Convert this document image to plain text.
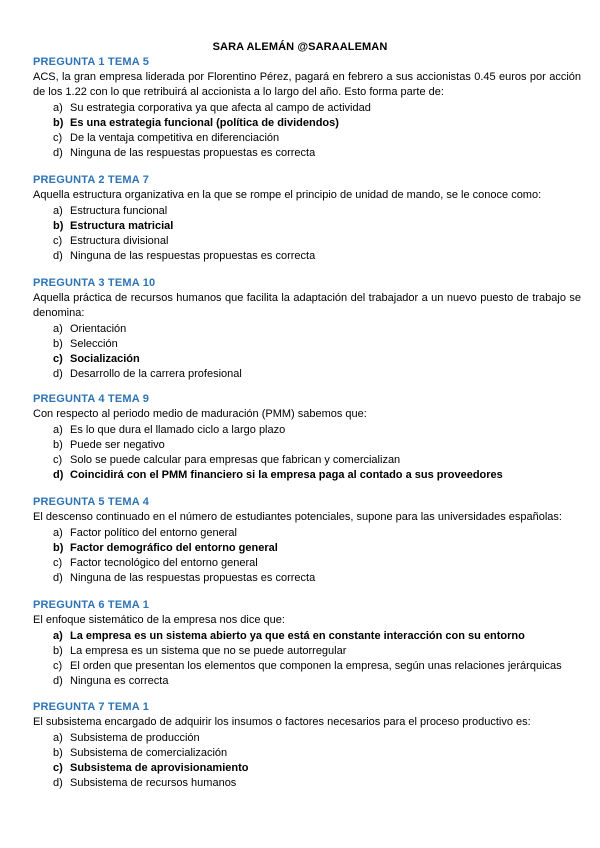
SARA ALEMÁN @SARAALEMAN
PREGUNTA 1 TEMA 5
ACS, la gran empresa liderada por Florentino Pérez, pagará en febrero a sus accionistas 0.45 euros por acción de los 1.22 con lo que retribuirá al accionista a lo largo del año. Esto forma parte de:
a) Su estrategia corporativa ya que afecta al campo de actividad
b) Es una estrategia funcional (política de dividendos)
c) De la ventaja competitiva en diferenciación
d) Ninguna de las respuestas propuestas es correcta
PREGUNTA 2 TEMA 7
Aquella estructura organizativa en la que se rompe el principio de unidad de mando, se le conoce como:
a) Estructura funcional
b) Estructura matricial
c) Estructura divisional
d) Ninguna de las respuestas propuestas es correcta
PREGUNTA 3 TEMA 10
Aquella práctica de recursos humanos que facilita la adaptación del trabajador a un nuevo puesto de trabajo se denomina:
a) Orientación
b) Selección
c) Socialización
d) Desarrollo de la carrera profesional
PREGUNTA 4 TEMA 9
Con respecto al periodo medio de maduración (PMM) sabemos que:
a) Es lo que dura el llamado ciclo a largo plazo
b) Puede ser negativo
c) Solo se puede calcular para empresas que fabrican y comercializan
d) Coincidirá con el PMM financiero si la empresa paga al contado a sus proveedores
PREGUNTA 5 TEMA 4
El descenso continuado en el número de estudiantes potenciales, supone para las universidades españolas:
a) Factor político del entorno general
b) Factor demográfico del entorno general
c) Factor tecnológico del entorno general
d) Ninguna de las respuestas propuestas es correcta
PREGUNTA 6 TEMA 1
El enfoque sistemático de la empresa nos dice que:
a) La empresa es un sistema abierto ya que está en constante interacción con su entorno
b) La empresa es un sistema que no se puede autorregular
c) El orden que presentan los elementos que componen la empresa, según unas relaciones jerárquicas
d) Ninguna es correcta
PREGUNTA 7 TEMA 1
El subsistema encargado de adquirir los insumos o factores necesarios para el proceso productivo es:
a) Subsistema de producción
b) Subsistema de comercialización
c) Subsistema de aprovisionamiento
d) Subsistema de recursos humanos
